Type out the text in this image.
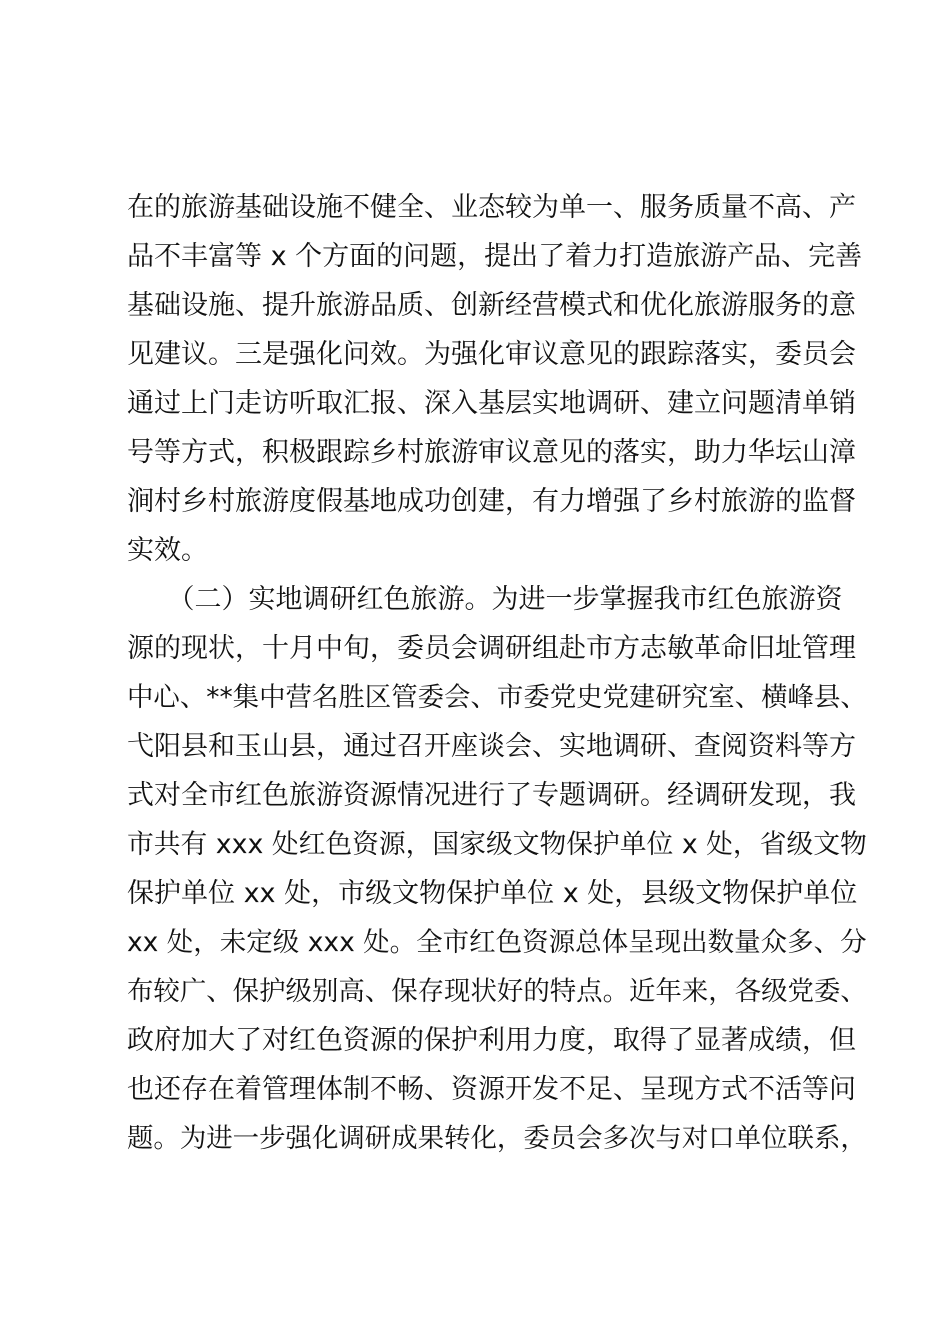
在的旅游基础设施不健全、业态较为单一、服务质量不高、产
品不丰富等 x 个方面的问题，提出了着力打造旅游产品、完善
基础设施、提升旅游品质、创新经营模式和优化旅游服务的意
见建议。三是强化问效。为强化审议意见的跟踪落实，委员会
通过上门走访听取汇报、深入基层实地调研、建立问题清单销
号等方式，积极跟踪乡村旅游审议意见的落实，助力华坛山漳
涧村乡村旅游度假基地成功创建，有力增强了乡村旅游的监督
实效。
　　（二）实地调研红色旅游。为进一步掌握我市红色旅游资
源的现状，十月中旬，委员会调研组赴市方志敏革命旧址管理
中心、**集中营名胜区管委会、市委党史党建研究室、横峰县、
弋阳县和玉山县，通过召开座谈会、实地调研、查阅资料等方
式对全市红色旅游资源情况进行了专题调研。经调研发现，我
市共有 xxx 处红色资源，国家级文物保护单位 x 处，省级文物
保护单位 xx 处，市级文物保护单位 x 处，县级文物保护单位
xx 处，未定级 xxx 处。全市红色资源总体呈现出数量众多、分
布较广、保护级别高、保存现状好的特点。近年来，各级党委、
政府加大了对红色资源的保护利用力度，取得了显著成绩，但
也还存在着管理体制不畅、资源开发不足、呈现方式不活等问
题。为进一步强化调研成果转化，委员会多次与对口单位联系，
